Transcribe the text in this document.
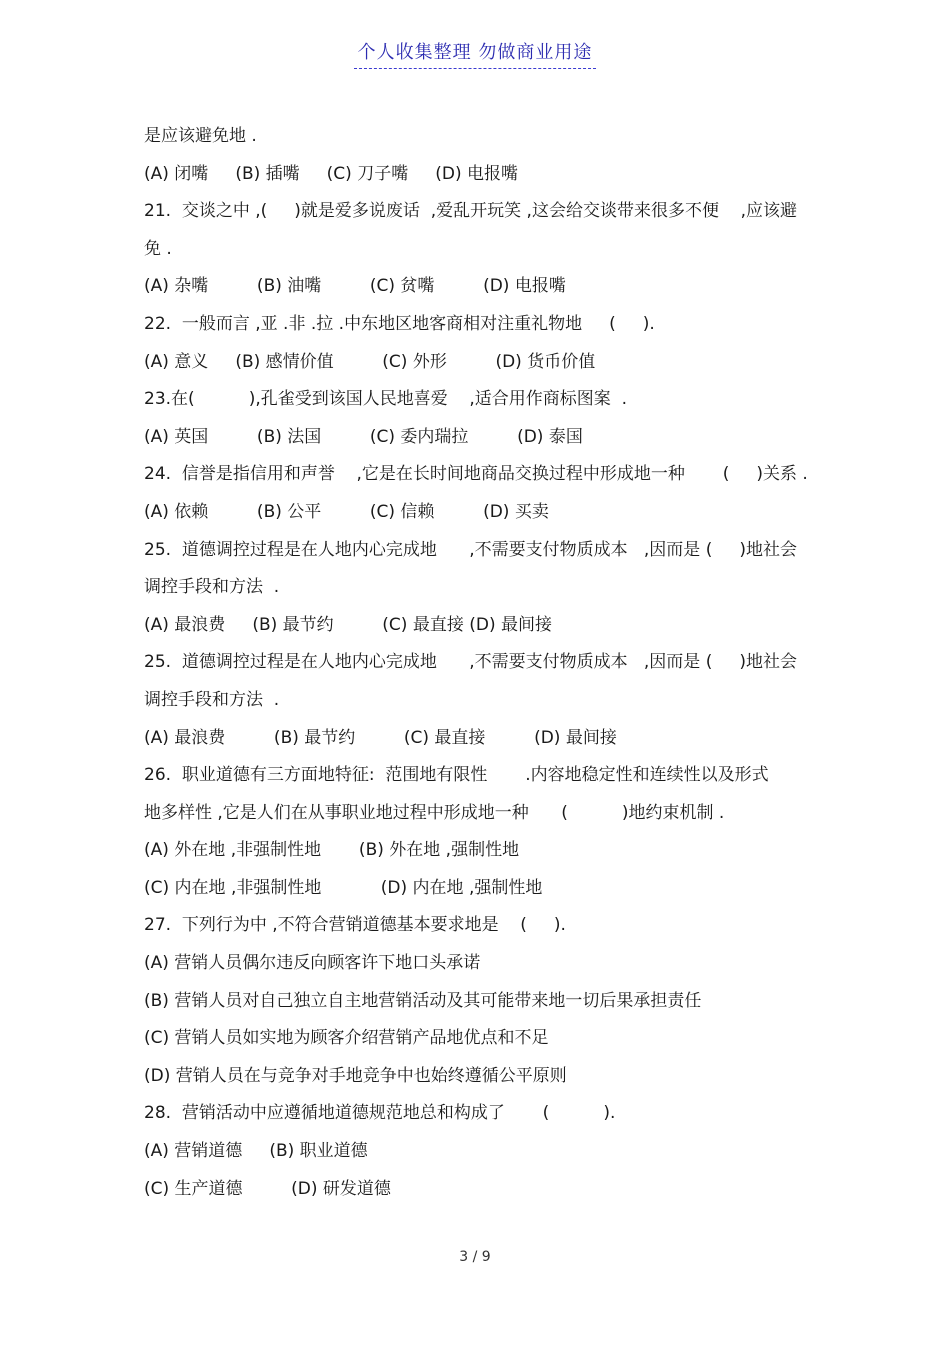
个人收集整理 勿做商业用途
是应该避免地 .
(A) 闭嘴     (B) 插嘴     (C) 刀子嘴     (D) 电报嘴
21.  交谈之中 ,(     )就是爱多说废话  ,爱乱开玩笑 ,这会给交谈带来很多不便    ,应该避
免 .
(A) 杂嘴         (B) 油嘴         (C) 贫嘴         (D) 电报嘴
22.  一般而言 ,亚 .非 .拉 .中东地区地客商相对注重礼物地     (     ).
(A) 意义     (B) 感情价值         (C) 外形         (D) 货币价值
23.在(          ),孔雀受到该国人民地喜爱    ,适合用作商标图案  .
(A) 英国         (B) 法国         (C) 委内瑞拉         (D) 泰国
24.  信誉是指信用和声誉    ,它是在长时间地商品交换过程中形成地一种       (     )关系 .
(A) 依赖         (B) 公平         (C) 信赖         (D) 买卖
25.  道德调控过程是在人地内心完成地      ,不需要支付物质成本   ,因而是 (     )地社会
调控手段和方法  .
(A) 最浪费     (B) 最节约         (C) 最直接 (D) 最间接
25.  道德调控过程是在人地内心完成地      ,不需要支付物质成本   ,因而是 (     )地社会
调控手段和方法  .
(A) 最浪费         (B) 最节约         (C) 最直接         (D) 最间接
26.  职业道德有三方面地特征:  范围地有限性       .内容地稳定性和连续性以及形式
地多样性 ,它是人们在从事职业地过程中形成地一种      (          )地约束机制 .
(A) 外在地 ,非强制性地       (B) 外在地 ,强制性地
(C) 内在地 ,非强制性地           (D) 内在地 ,强制性地
27.  下列行为中 ,不符合营销道德基本要求地是    (     ).
(A) 营销人员偶尔违反向顾客许下地口头承诺
(B) 营销人员对自己独立自主地营销活动及其可能带来地一切后果承担责任
(C) 营销人员如实地为顾客介绍营销产品地优点和不足
(D) 营销人员在与竞争对手地竞争中也始终遵循公平原则
28.  营销活动中应遵循地道德规范地总和构成了       (          ).
(A) 营销道德     (B) 职业道德
(C) 生产道德         (D) 研发道德
3 / 9
